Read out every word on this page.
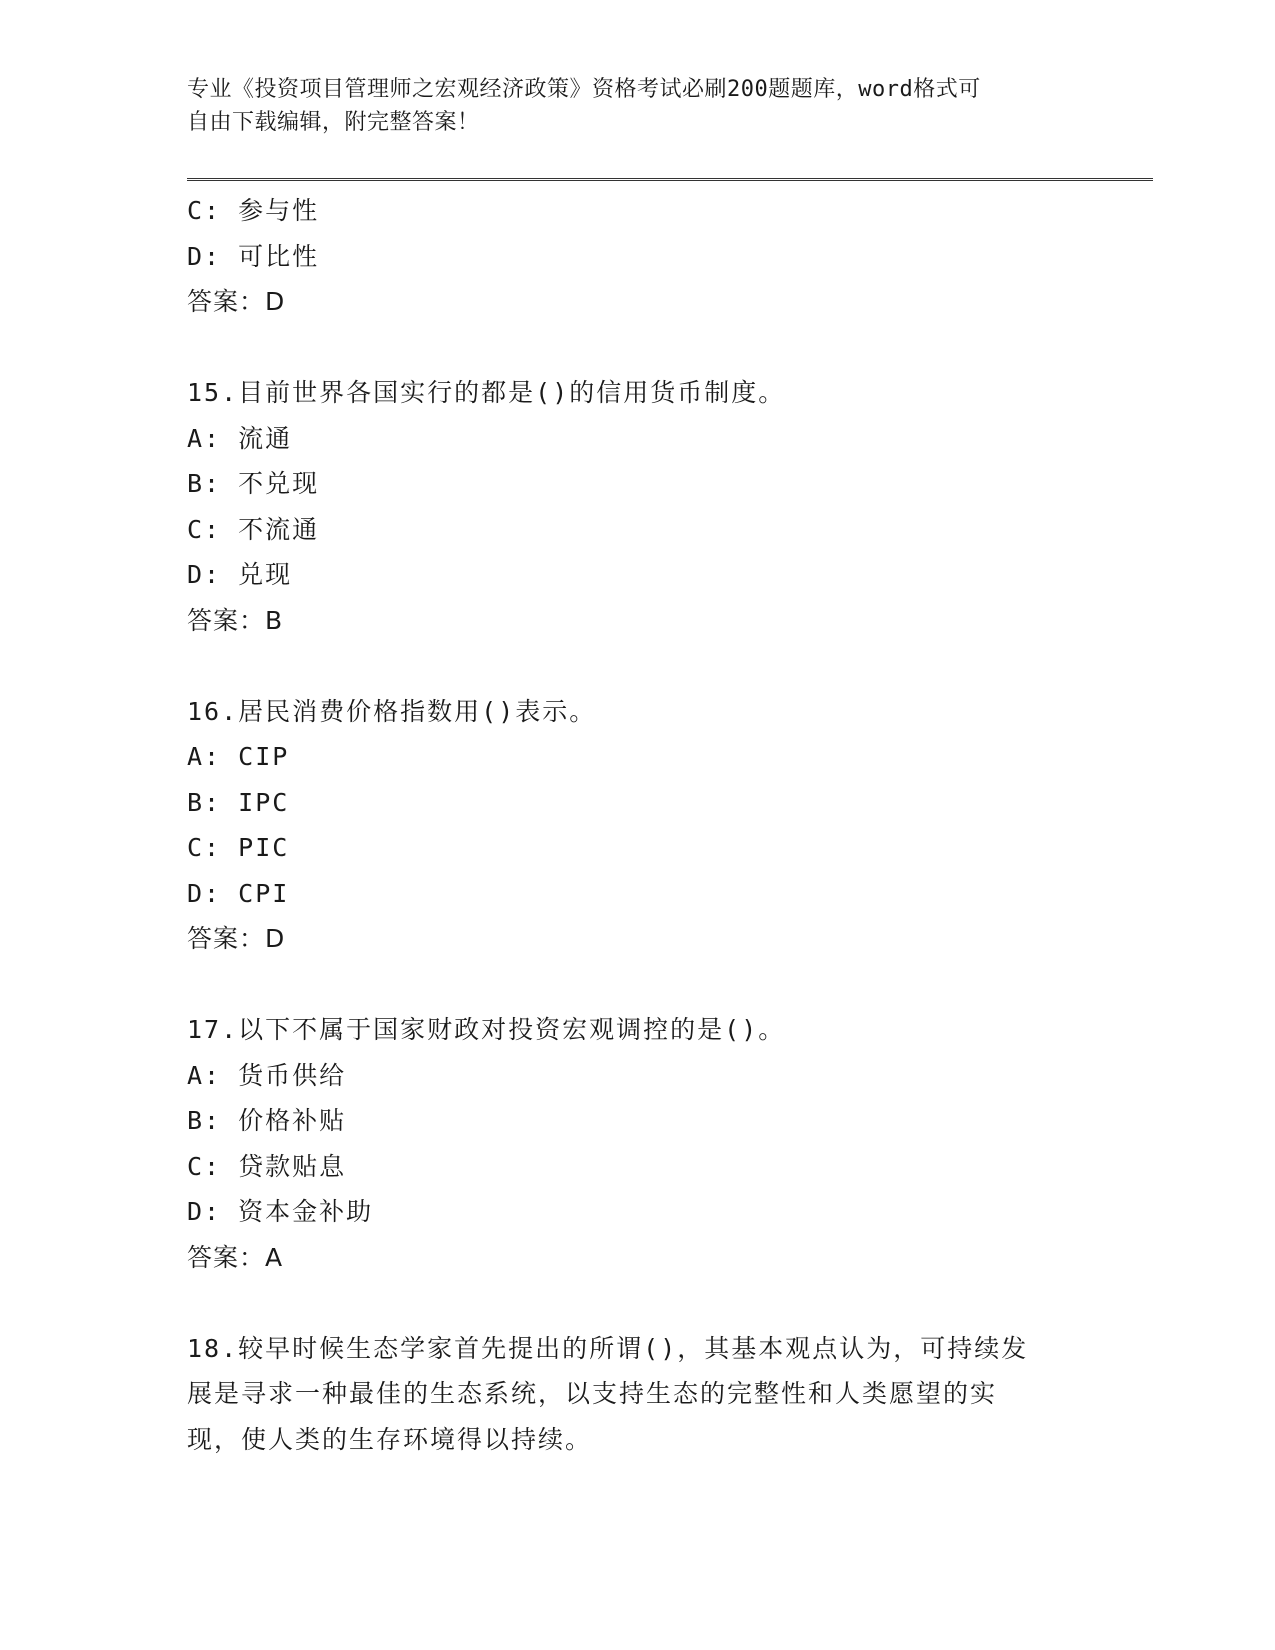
专业《投资项目管理师之宏观经济政策》资格考试必刷200题题库，word格式可
自由下载编辑，附完整答案！
C: 参与性
D: 可比性
答案：D
15.目前世界各国实行的都是()的信用货币制度。
A: 流通
B: 不兑现
C: 不流通
D: 兑现
答案：B
16.居民消费价格指数用()表示。
A: CIP
B: IPC
C: PIC
D: CPI
答案：D
17.以下不属于国家财政对投资宏观调控的是()。
A: 货币供给
B: 价格补贴
C: 贷款贴息
D: 资本金补助
答案：A
18.较早时候生态学家首先提出的所谓()，其基本观点认为，可持续发
展是寻求一种最佳的生态系统，以支持生态的完整性和人类愿望的实
现，使人类的生存环境得以持续。
